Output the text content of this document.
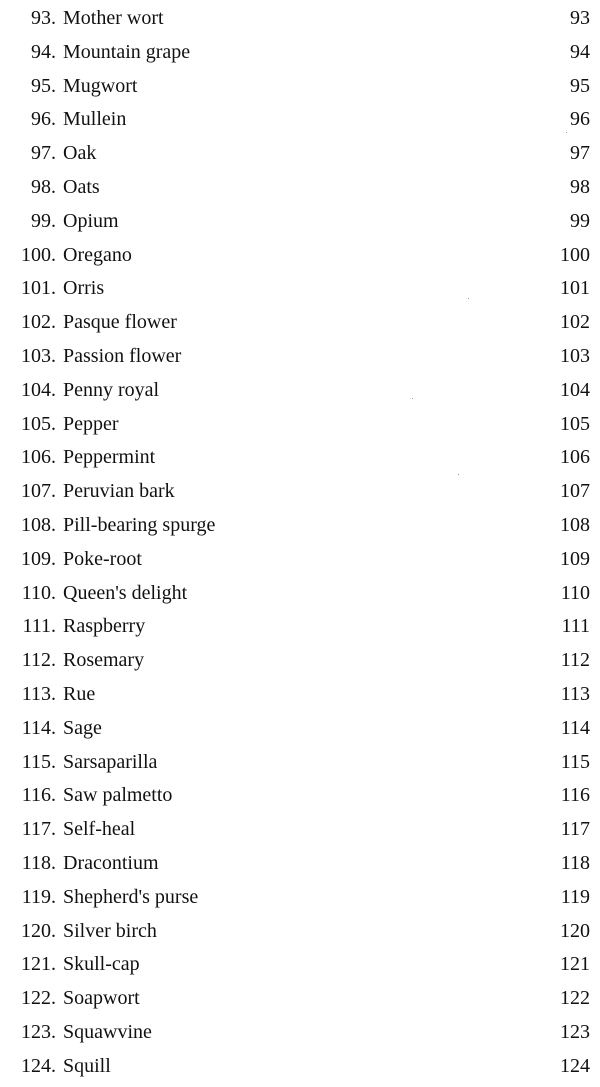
93. Mother wort	93
94. Mountain grape	94
95. Mugwort	95
96. Mullein	96
97. Oak	97
98. Oats	98
99. Opium	99
100. Oregano	100
101. Orris	101
102. Pasque flower	102
103. Passion flower	103
104. Penny royal	104
105. Pepper	105
106. Peppermint	106
107. Peruvian bark	107
108. Pill-bearing spurge	108
109. Poke-root	109
110. Queen's delight	110
111. Raspberry	111
112. Rosemary	112
113. Rue	113
114. Sage	114
115. Sarsaparilla	115
116. Saw palmetto	116
117. Self-heal	117
118. Dracontium	118
119. Shepherd's purse	119
120. Silver birch	120
121. Skull-cap	121
122. Soapwort	122
123. Squawvine	123
124. Squill	124
